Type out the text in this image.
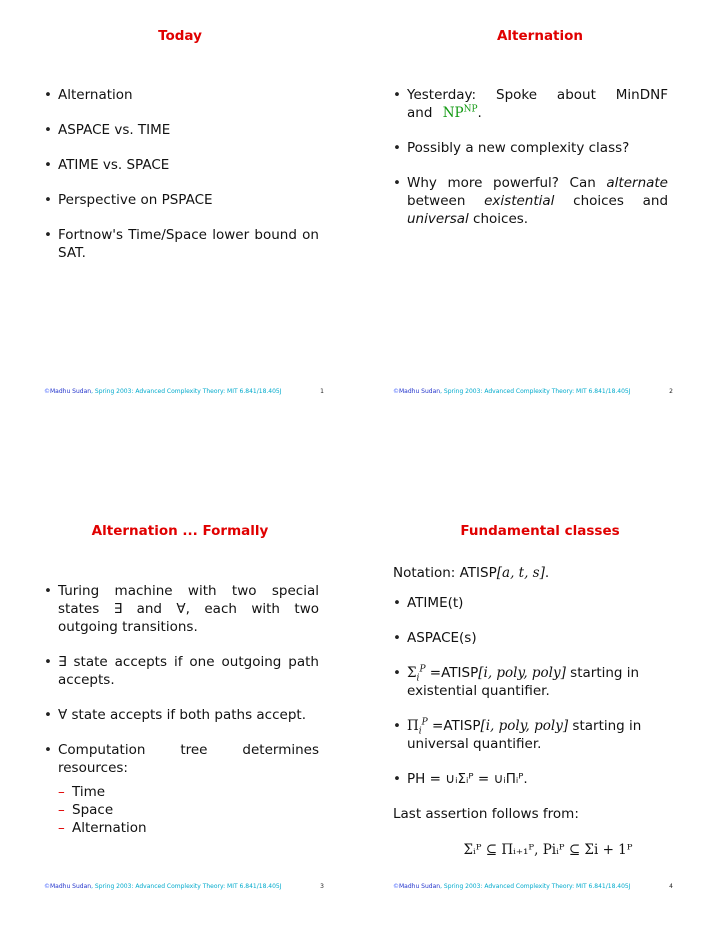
Today
• Alternation
• ASPACE vs. TIME
• ATIME vs. SPACE
• Perspective on PSPACE
• Fortnow's Time/Space lower bound on SAT.
©Madhu Sudan, Spring 2003: Advanced Complexity Theory: MIT 6.841/18.405J	1
Alternation
• Yesterday: Spoke about MinDNF and $NP^{NP}$.
• Possibly a new complexity class?
• Why more powerful? Can alternate between existential choices and universal choices.
©Madhu Sudan, Spring 2003: Advanced Complexity Theory: MIT 6.841/18.405J	2
Alternation ... Formally
• Turing machine with two special states ∃ and ∀, each with two outgoing transitions.
• ∃ state accepts if one outgoing path accepts.
• ∀ state accepts if both paths accept.
• Computation tree determines resources:
– Time
– Space
– Alternation
©Madhu Sudan, Spring 2003: Advanced Complexity Theory: MIT 6.841/18.405J	3
Fundamental classes

Notation: ATISP[a, t, s].

• ATIME(t)
• ASPACE(s)
• $\Sigma_i^P$ =ATISP[i, poly, poly] starting in existential quantifier.
• $\Pi_i^P$ =ATISP[i, poly, poly] starting in universal quantifier.
• PH = ∪ᵢΣᵢᴾ = ∪ᵢΠᵢᴾ.

Last assertion follows from:

Σᵢᴾ ⊆ Πᵢ₊₁ᴾ, Piᵢᴾ ⊆ Σi + 1ᴾ

©Madhu Sudan, Spring 2003: Advanced Complexity Theory: MIT 6.841/18.405J	4
